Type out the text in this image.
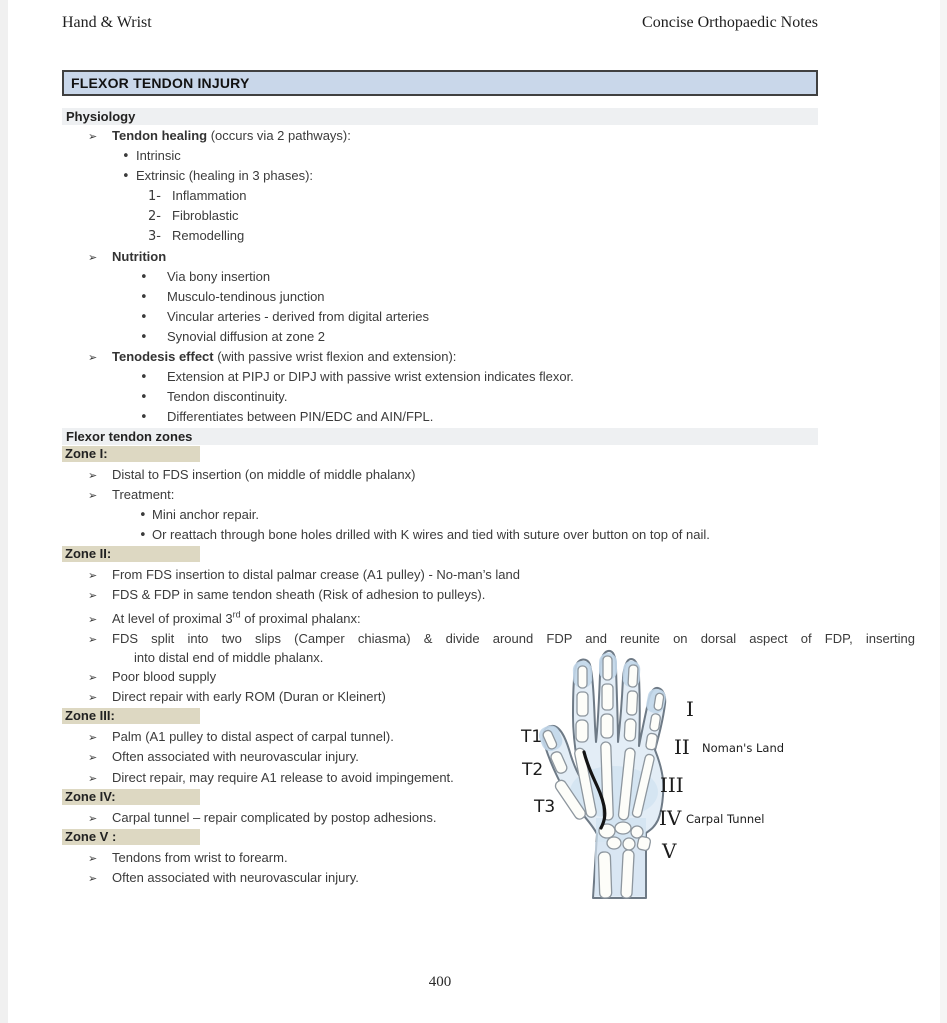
Hand & Wrist	Concise Orthopaedic Notes
FLEXOR TENDON INJURY
Physiology
➢ Tendon healing (occurs via 2 pathways):
• Intrinsic
• Extrinsic (healing in 3 phases):
1- Inflammation
2- Fibroblastic
3- Remodelling
➢ Nutrition
• Via bony insertion
• Musculo-tendinous junction
• Vincular arteries - derived from digital arteries
• Synovial diffusion at zone 2
➢ Tenodesis effect (with passive wrist flexion and extension):
• Extension at PIPJ or DIPJ with passive wrist extension indicates flexor.
• Tendon discontinuity.
• Differentiates between PIN/EDC and AIN/FPL.
Flexor tendon zones
Zone I:
➢ Distal to FDS insertion (on middle of middle phalanx)
➢ Treatment:
• Mini anchor repair.
• Or reattach through bone holes drilled with K wires and tied with suture over button on top of nail.
Zone II:
➢ From FDS insertion to distal palmar crease (A1 pulley) - No-man’s land
➢ FDS & FDP in same tendon sheath (Risk of adhesion to pulleys).
➢ At level of proximal 3rd of proximal phalanx:
➢ FDS split into two slips (Camper chiasma) & divide around FDP and reunite on dorsal aspect of FDP, inserting
into distal end of middle phalanx.
➢ Poor blood supply
➢ Direct repair with early ROM (Duran or Kleinert)
Zone III:
➢ Palm (A1 pulley to distal aspect of carpal tunnel).
➢ Often associated with neurovascular injury.
➢ Direct repair, may require A1 release to avoid impingement.
Zone IV:
➢ Carpal tunnel – repair complicated by postop adhesions.
Zone V :
➢ Tendons from wrist to forearm.
➢ Often associated with neurovascular injury.
T1
T2
T3
I
II Noman's Land
III
IV Carpal Tunnel
V
400
